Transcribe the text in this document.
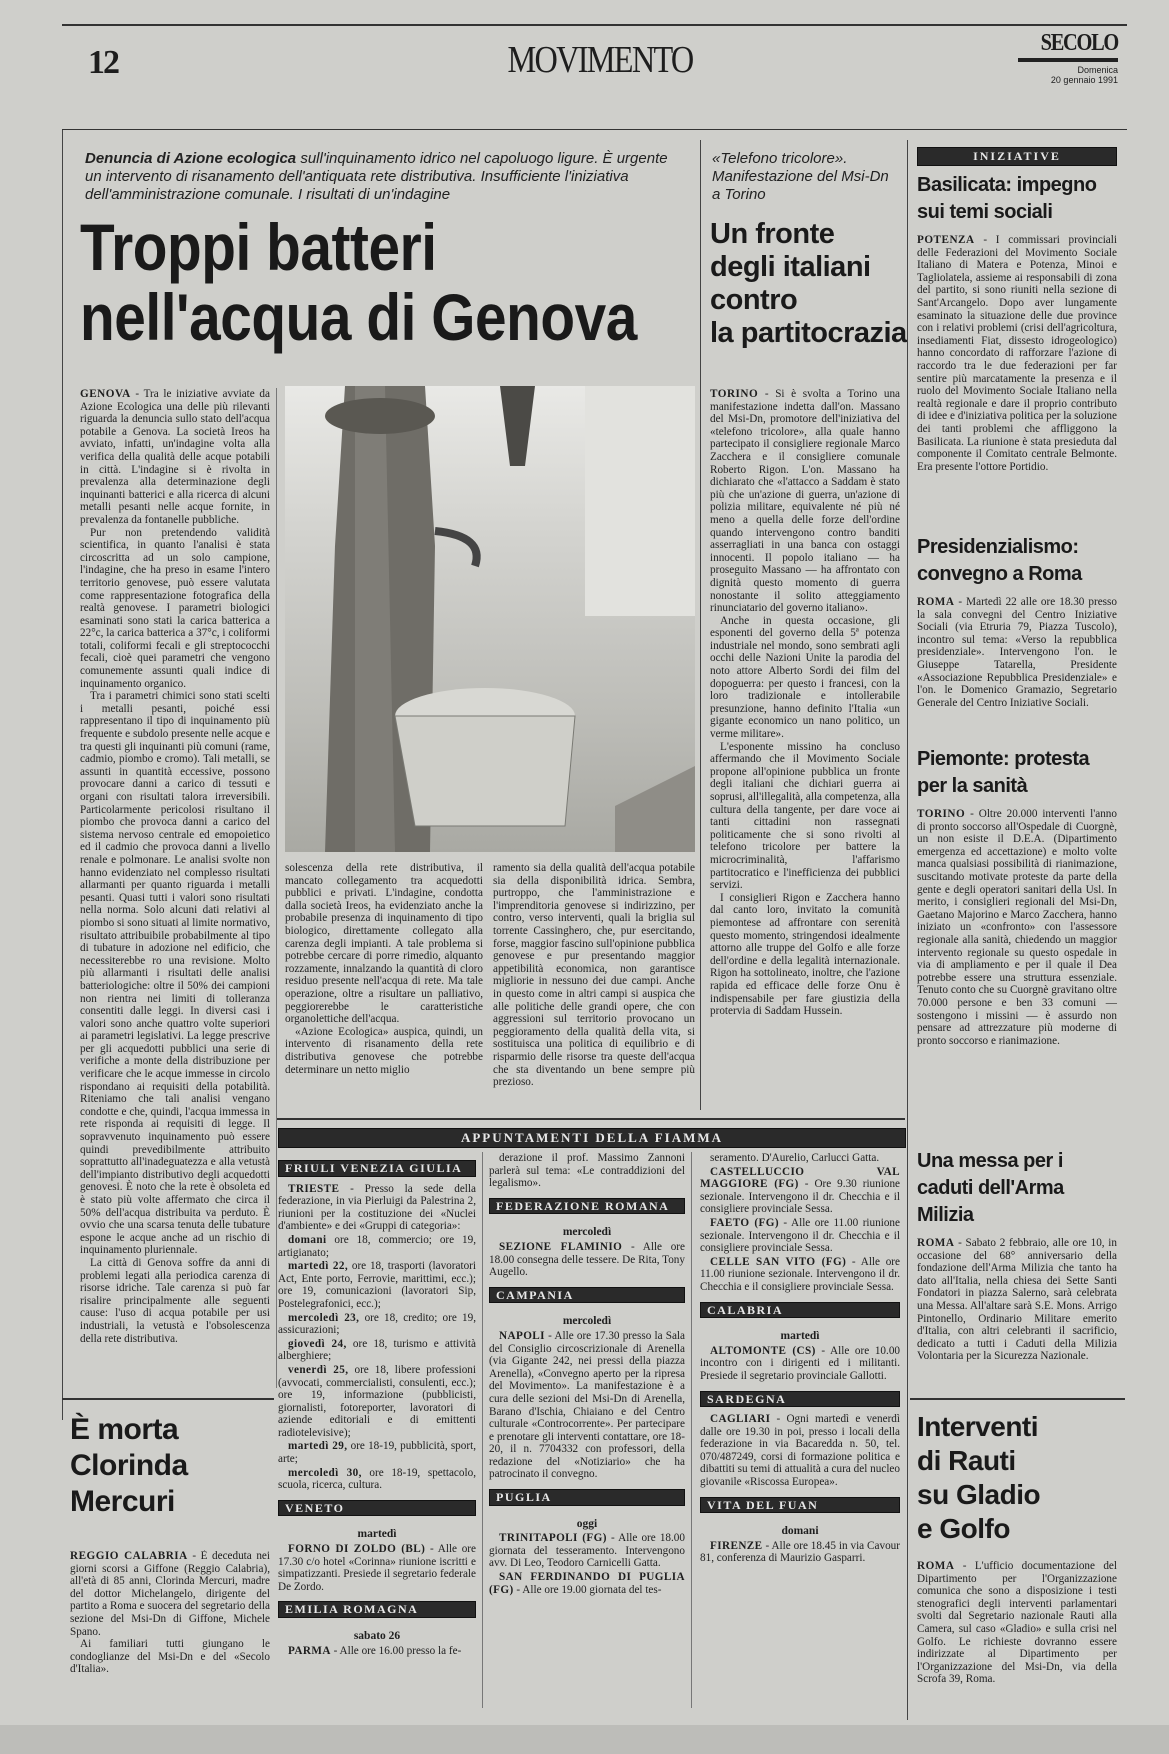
12	MOVIMENTO	SECOLO
Domenica
20 gennaio 1991
Denuncia di Azione ecologica sull'inquinamento idrico nel capoluogo ligure. È urgente un intervento di risanamento dell'antiquata rete distributiva. Insufficiente l'iniziativa dell'amministrazione comunale. I risultati di un'indagine
Troppi batteri
nell'acqua di Genova

GENOVA - Tra le iniziative avviate da Azione Ecologica una delle più rilevanti riguarda la denuncia sullo stato dell'acqua potabile a Genova. La società Ireos ha avviato, infatti, un'indagine volta alla verifica della qualità delle acque potabili in città. L'indagine si è rivolta in prevalenza alla determinazione degli inquinanti batterici e alla ricerca di alcuni metalli pesanti nelle acque fornite, in prevalenza da fontanelle pubbliche.

Pur non pretendendo validità scientifica, in quanto l'analisi è stata circoscritta ad un solo campione, l'indagine, che ha preso in esame l'intero territorio genovese, può essere valutata come rappresentazione fotografica della realtà genovese. I parametri biologici esaminati sono stati la carica batterica a 22°c, la carica batterica a 37°c, i coliformi totali, coliformi fecali e gli streptococchi fecali, cioè quei parametri che vengono comunemente assunti quali indice di inquinamento organico.

Tra i parametri chimici sono stati scelti i metalli pesanti, poiché essi rappresentano il tipo di inquinamento più frequente e subdolo presente nelle acque e tra questi gli inquinanti più comuni (rame, cadmio, piombo e cromo). Tali metalli, se assunti in quantità eccessive, possono provocare danni a carico di tessuti e organi con risultati talora irreversibili. Particolarmente pericolosi risultano il piombo che provoca danni a carico del sistema nervoso centrale ed emopoietico ed il cadmio che provoca danni a livello renale e polmonare. Le analisi svolte non hanno evidenziato nel complesso risultati allarmanti per quanto riguarda i metalli pesanti. Quasi tutti i valori sono risultati nella norma. Solo alcuni dati relativi al piombo si sono situati al limite normativo, risultato attribuibile probabilmente al tipo di tubature in adozione nel edificio, che necessiterebbe ro una revisione. Molto più allarmanti i risultati delle analisi batteriologiche: oltre il 50% dei campioni non rientra nei limiti di tolleranza consentiti dalle leggi. In diversi casi i valori sono anche quattro volte superiori ai parametri legislativi. La legge prescrive per gli acquedotti pubblici una serie di verifiche a monte della distribuzione per verificare che le acque immesse in circolo rispondano ai requisiti della potabilità. Riteniamo che tali analisi vengano condotte e che, quindi, l'acqua immessa in rete risponda ai requisiti di legge. Il sopravvenuto inquinamento può essere quindi prevedibilmente attribuito soprattutto all'inadeguatezza e alla vetustà dell'impianto distributivo degli acquedotti genovesi. È noto che la rete è obsoleta ed è stato più volte affermato che circa il 50% dell'acqua distribuita va perduto. È ovvio che una scarsa tenuta delle tubature espone le acque anche ad un rischio di inquinamento pluriennale.

La città di Genova soffre da anni di problemi legati alla periodica carenza di risorse idriche. Tale carenza si può far risalire principalmente alle seguenti cause: l'uso di acqua potabile per usi industriali, la vetustà e l'obsolescenza della rete distributiva.

solescenza della rete distributiva, il mancato collegamento tra acquedotti pubblici e privati. L'indagine, condotta dalla società Ireos, ha evidenziato anche la probabile presenza di inquinamento di tipo biologico, direttamente collegato alla carenza degli impianti. A tale problema si potrebbe cercare di porre rimedio, alquanto rozzamente, innalzando la quantità di cloro residuo presente nell'acqua di rete. Ma tale operazione, oltre a risultare un palliativo, peggiorerebbe le caratteristiche organolettiche dell'acqua.

«Azione Ecologica» auspica, quindi, un intervento di risanamento della rete distributiva genovese che potrebbe determinare un netto miglio

ramento sia della qualità dell'acqua potabile sia della disponibilità idrica. Sembra, purtroppo, che l'amministrazione e l'imprenditoria genovese si indirizzino, per contro, verso interventi, quali la briglia sul torrente Cassinghero, che, pur esercitando, forse, maggior fascino sull'opinione pubblica genovese e pur presentando maggior appetibilità economica, non garantisce migliorie in nessuno dei due campi. Anche in questo come in altri campi si auspica che alle politiche delle grandi opere, che con aggressioni sul territorio provocano un peggioramento della qualità della vita, si sostituisca una politica di equilibrio e di risparmio delle risorse tra queste dell'acqua che sta diventando un bene sempre più prezioso.

«Telefono tricolore». Manifestazione del Msi-Dn a Torino
Un fronte
degli italiani
contro
la partitocrazia

TORINO - Si è svolta a Torino una manifestazione indetta dall'on. Massano del Msi-Dn, promotore dell'iniziativa del «telefono tricolore», alla quale hanno partecipato il consigliere regionale Marco Zacchera e il consigliere comunale Roberto Rigon. L'on. Massano ha dichiarato che «l'attacco a Saddam è stato più che un'azione di guerra, un'azione di polizia militare, equivalente né più né meno a quella delle forze dell'ordine quando intervengono contro banditi asserragliati in una banca con ostaggi innocenti. Il popolo italiano — ha proseguito Massano — ha affrontato con dignità questo momento di guerra nonostante il solito atteggiamento rinunciatario del governo italiano».

Anche in questa occasione, gli esponenti del governo della 5ª potenza industriale nel mondo, sono sembrati agli occhi delle Nazioni Unite la parodia del noto attore Alberto Sordi dei film del dopoguerra: per questo i francesi, con la loro tradizionale e intollerabile presunzione, hanno definito l'Italia «un gigante economico un nano politico, un verme militare».

L'esponente missino ha concluso affermando che il Movimento Sociale propone all'opinione pubblica un fronte degli italiani che dichiari guerra ai soprusi, all'illegalità, alla competenza, alla cultura della tangente, per dare voce ai tanti cittadini non rassegnati politicamente che si sono rivolti al telefono tricolore per battere la microcriminalità, l'affarismo partitocratico e l'inefficienza dei pubblici servizi.

I consiglieri Rigon e Zacchera hanno dal canto loro, invitato la comunità piemontese ad affrontare con serenità questo momento, stringendosi idealmente attorno alle truppe del Golfo e alle forze dell'ordine e della legalità internazionale. Rigon ha sottolineato, inoltre, che l'azione rapida ed efficace delle forze Onu è indispensabile per fare giustizia della protervia di Saddam Hussein.

INIZIATIVE
Basilicata: impegno sui temi sociali
POTENZA - I commissari provinciali delle Federazioni del Movimento Sociale Italiano di Matera e Potenza, Minoi e Tagliolatela, assieme ai responsabili di zona del partito, si sono riuniti nella sezione di Sant'Arcangelo. Dopo aver lungamente esaminato la situazione delle due province con i relativi problemi (crisi dell'agricoltura, insediamenti Fiat, dissesto idrogeologico) hanno concordato di rafforzare l'azione di raccordo tra le due federazioni per far sentire più marcatamente la presenza e il ruolo del Movimento Sociale Italiano nella realtà regionale e dare il proprio contributo di idee e d'iniziativa politica per la soluzione dei tanti problemi che affliggono la Basilicata. La riunione è stata presieduta dal componente il Comitato centrale Belmonte. Era presente l'ottore Portidio.
Presidenzialismo: convegno a Roma
ROMA - Martedì 22 alle ore 18.30 presso la sala convegni del Centro Iniziative Sociali (via Etruria 79, Piazza Tuscolo), incontro sul tema: «Verso la repubblica presidenziale». Intervengono l'on. le Giuseppe Tatarella, Presidente «Associazione Repubblica Presidenziale» e l'on. le Domenico Gramazio, Segretario Generale del Centro Iniziative Sociali.
Piemonte: protesta per la sanità
TORINO - Oltre 20.000 interventi l'anno di pronto soccorso all'Ospedale di Cuorgnè, un non esiste il D.E.A. (Dipartimento emergenza ed accettazione) e molto volte manca qualsiasi possibilità di rianimazione, suscitando motivate proteste da parte della gente e degli operatori sanitari della Usl. In merito, i consiglieri regionali del Msi-Dn, Gaetano Majorino e Marco Zacchera, hanno iniziato un «confronto» con l'assessore regionale alla sanità, chiedendo un maggior intervento regionale su questo ospedale in via di ampliamento e per il quale il Dea potrebbe essere una struttura essenziale. Tenuto conto che su Cuorgnè gravitano oltre 70.000 persone e ben 33 comuni — sostengono i missini — è assurdo non pensare ad attrezzature più moderne di pronto soccorso e rianimazione.
Una messa per i caduti dell'Arma Milizia
ROMA - Sabato 2 febbraio, alle ore 10, in occasione del 68° anniversario della fondazione dell'Arma Milizia che tanto ha dato all'Italia, nella chiesa dei Sette Santi Fondatori in piazza Salerno, sarà celebrata una Messa. All'altare sarà S.E. Mons. Arrigo Pintonello, Ordinario Militare emerito d'Italia, con altri celebranti il sacrificio, dedicato a tutti i Caduti della Milizia Volontaria per la Sicurezza Nazionale.
Interventi
di Rauti
su Gladio
e Golfo
ROMA - L'ufficio documentazione del Dipartimento per l'Organizzazione comunica che sono a disposizione i testi stenografici degli interventi parlamentari svolti dal Segretario nazionale Rauti alla Camera, sul caso «Gladio» e sulla crisi nel Golfo. Le richieste dovranno essere indirizzate al Dipartimento per l'Organizzazione del Msi-Dn, via della Scrofa 39, Roma.
È morta
Clorinda
Mercuri

REGGIO CALABRIA - È deceduta nei giorni scorsi a Giffone (Reggio Calabria), all'età di 85 anni, Clorinda Mercuri, madre del dottor Michelangelo, dirigente del partito a Roma e suocera del segretario della sezione del Msi-Dn di Giffone, Michele Spano.

Ai familiari tutti giungano le condoglianze del Msi-Dn e del «Secolo d'Italia».

APPUNTAMENTI DELLA FIAMMA
FRIULI VENEZIA GIULIA

TRIESTE - Presso la sede della federazione, in via Pierluigi da Palestrina 2, riunioni per la costituzione dei «Nuclei d'ambiente» e dei «Gruppi di categoria»:

domani ore 18, commercio; ore 19, artigianato;

martedì 22, ore 18, trasporti (lavoratori Act, Ente porto, Ferrovie, marittimi, ecc.); ore 19, comunicazioni (lavoratori Sip, Postelegrafonici, ecc.);

mercoledì 23, ore 18, credito; ore 19, assicurazioni;

giovedì 24, ore 18, turismo e attività alberghiere;

venerdì 25, ore 18, libere professioni (avvocati, commercialisti, consulenti, ecc.); ore 19, informazione (pubblicisti, giornalisti, fotoreporter, lavoratori di aziende editoriali e di emittenti radiotelevisive);

martedì 29, ore 18-19, pubblicità, sport, arte;

mercoledì 30, ore 18-19, spettacolo, scuola, ricerca, cultura.

VENETO
martedì

FORNO DI ZOLDO (BL) - Alle ore 17.30 c/o hotel «Corinna» riunione iscritti e simpatizzanti. Presiede il segretario federale De Zordo.

EMILIA ROMAGNA
sabato 26

PARMA - Alle ore 16.00 presso la fe-

derazione il prof. Massimo Zannoni parlerà sul tema: «Le contraddizioni del legalismo».

FEDERAZIONE ROMANA
mercoledì

SEZIONE FLAMINIO - Alle ore 18.00 consegna delle tessere. De Rita, Tony Augello.

CAMPANIA
mercoledì

NAPOLI - Alle ore 17.30 presso la Sala del Consiglio circoscrizionale di Arenella (via Gigante 242, nei pressi della piazza Arenella), «Convegno aperto per la ripresa del Movimento». La manifestazione è a cura delle sezioni del Msi-Dn di Arenella, Barano d'Ischia, Chiaiano e del Centro culturale «Controcorrente». Per partecipare e prenotare gli interventi contattare, ore 18-20, il n. 7704332 con professori, della redazione del «Notiziario» che ha patrocinato il convegno.

PUGLIA
oggi

TRINITAPOLI (FG) - Alle ore 18.00 giornata del tesseramento. Intervengono avv. Di Leo, Teodoro Carnicelli Gatta.

SAN FERDINANDO DI PUGLIA (FG) - Alle ore 19.00 giornata del tes-

seramento. D'Aurelio, Carlucci Gatta.

CASTELLUCCIO VAL MAGGIORE (FG) - Ore 9.30 riunione sezionale. Intervengono il dr. Checchia e il consigliere provinciale Sessa.

FAETO (FG) - Alle ore 11.00 riunione sezionale. Intervengono il dr. Checchia e il consigliere provinciale Sessa.

CELLE SAN VITO (FG) - Alle ore 11.00 riunione sezionale. Intervengono il dr. Checchia e il consigliere provinciale Sessa.

CALABRIA
martedì

ALTOMONTE (CS) - Alle ore 10.00 incontro con i dirigenti ed i militanti. Presiede il segretario provinciale Gallotti.

SARDEGNA

CAGLIARI - Ogni martedì e venerdì dalle ore 19.30 in poi, presso i locali della federazione in via Bacaredda n. 50, tel. 070/487249, corsi di formazione politica e dibattiti su temi di attualità a cura del nucleo giovanile «Riscossa Europea».

VITA DEL FUAN
domani

FIRENZE - Alle ore 18.45 in via Cavour 81, conferenza di Maurizio Gasparri.
